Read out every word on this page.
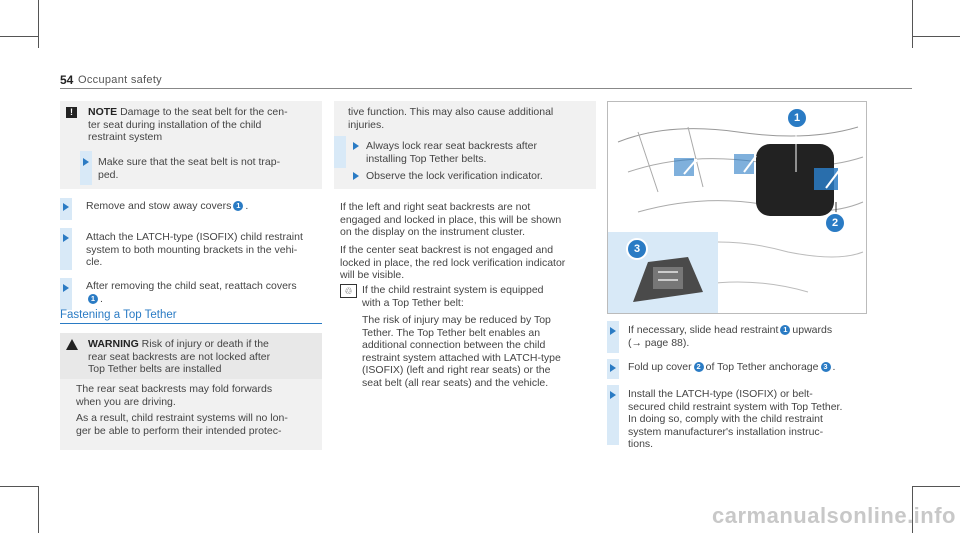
54 Occupant safety
!	NOTE Damage to the seat belt for the cen-

ter seat during installation of the child

restraint system

Make sure that the seat belt is not trap-

ped.

Remove and stow away covers 1 .

Attach the LATCH-type (ISOFIX) child restraint

system to both mounting brackets in the vehi-

cle.

After removing the child seat, reattach covers

1 .

Fastening a Top Tether

WARNING Risk of injury or death if the

rear seat backrests are not locked after

Top Tether belts are installed

The rear seat backrests may fold forwards

when you are driving.

As a result, child restraint systems will no lon-

ger be able to perform their intended protec-

tive function. This may also cause additional

injuries.

Always lock rear seat backrests after

installing Top Tether belts.

Observe the lock verification indicator.

If the left and right seat backrests are not

engaged and locked in place, this will be shown

on the display on the instrument cluster.

If the center seat backrest is not engaged and

locked in place, the red lock verification indicator

will be visible.

♲ If the child restraint system is equipped

with a Top Tether belt:

The risk of injury may be reduced by Top

Tether. The Top Tether belt enables an

additional connection between the child

restraint system attached with LATCH-type

(ISOFIX) (left and right rear seats) or the

seat belt (all rear seats) and the vehicle.

1
2
3

If necessary, slide head restraint 1 upwards

(→ page 88).

Fold up cover 2 of Top Tether anchorage 3 .

Install the LATCH-type (ISOFIX) or belt-

secured child restraint system with Top Tether.

In doing so, comply with the child restraint

system manufacturer's installation instruc-

tions.

carmanualsonline.info
